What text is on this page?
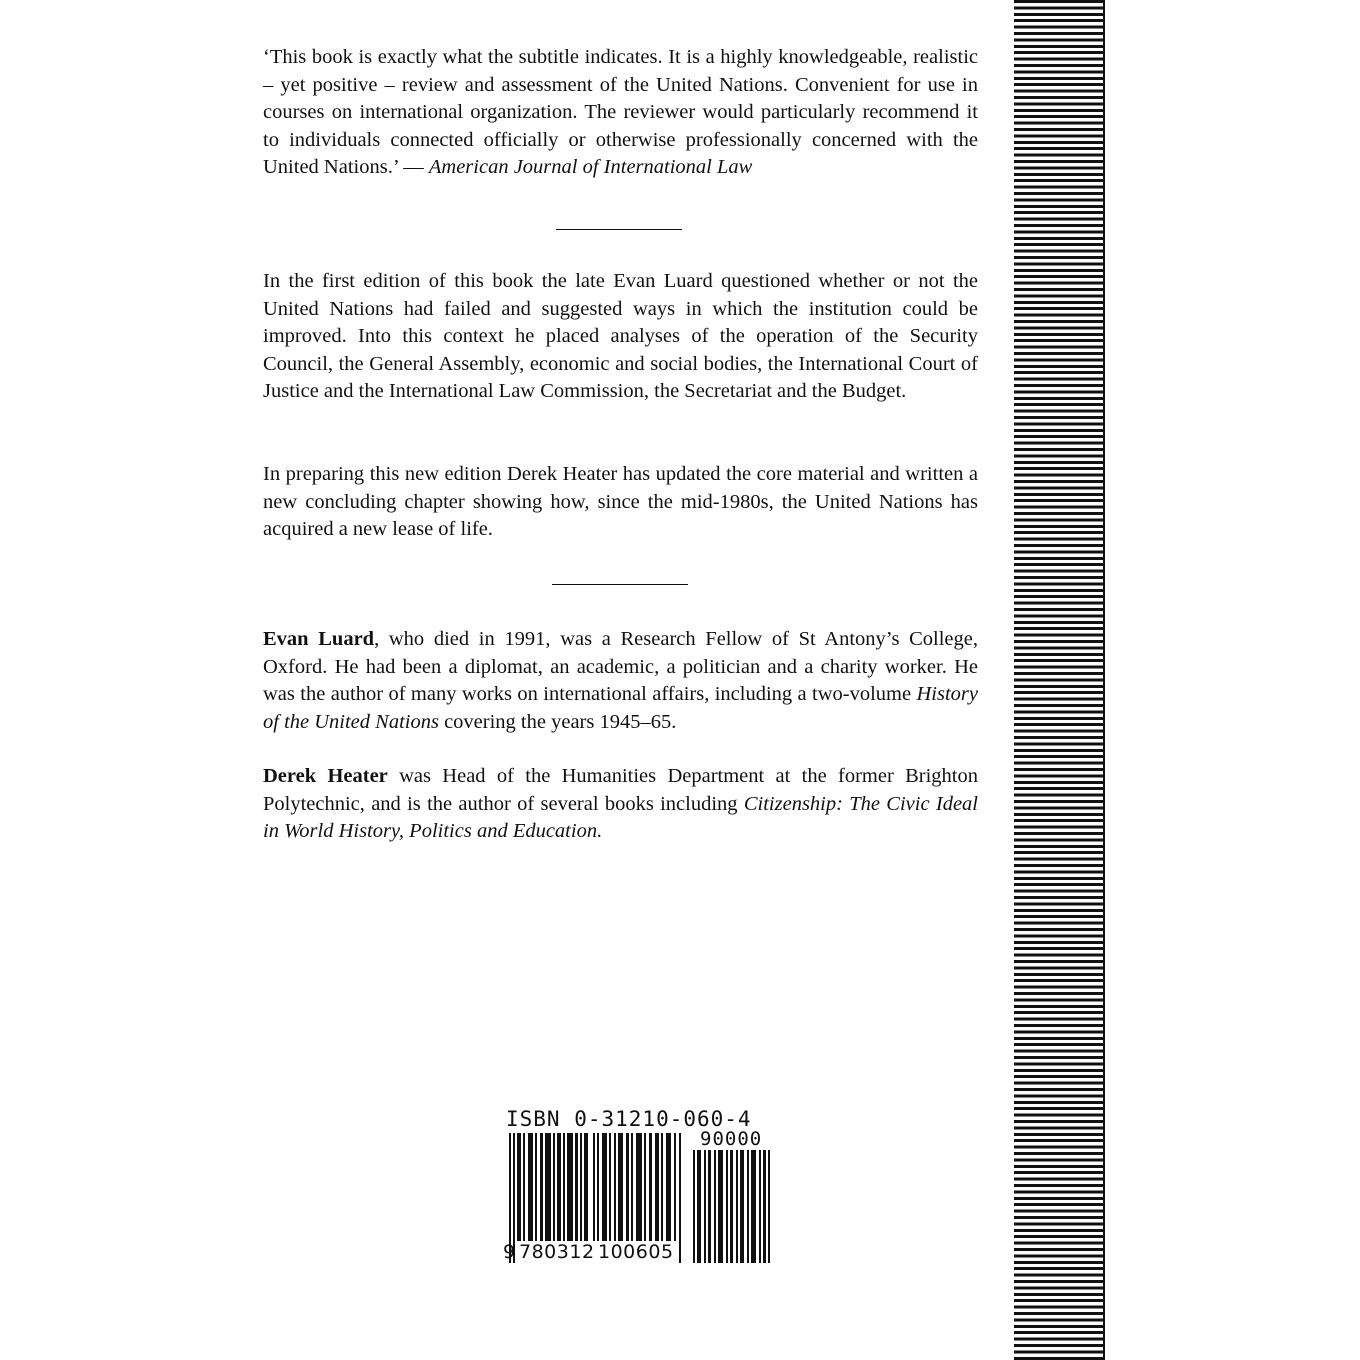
‘This book is exactly what the subtitle indicates. It is a highly knowledgeable, realistic – yet positive – review and assessment of the United Nations. Convenient for use in courses on international organization. The reviewer would particularly recommend it to individuals connected officially or otherwise professionally concerned with the United Nations.’ — American Journal of International Law

In the first edition of this book the late Evan Luard questioned whether or not the United Nations had failed and suggested ways in which the institution could be improved. Into this context he placed analyses of the operation of the Security Council, the General Assembly, economic and social bodies, the International Court of Justice and the International Law Commission, the Secretariat and the Budget.

In preparing this new edition Derek Heater has updated the core material and written a new concluding chapter showing how, since the mid-1980s, the United Nations has acquired a new lease of life.

Evan Luard, who died in 1991, was a Research Fellow of St Antony’s College, Oxford. He had been a diplomat, an academic, a politician and a charity worker. He was the author of many works on international affairs, including a two-volume History of the United Nations covering the years 1945–65.

Derek Heater was Head of the Humanities Department at the former Brighton Polytechnic, and is the author of several books including Citizenship: The Civic Ideal in World History, Politics and Education.

ISBN 0-31210-060-4
90000
9 780312 100605
